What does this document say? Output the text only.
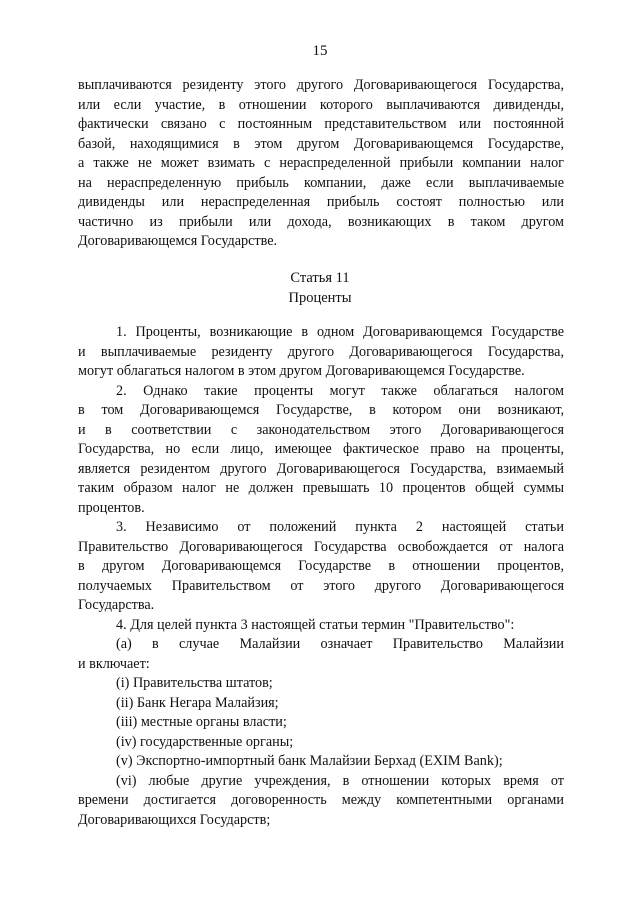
15
выплачиваются резиденту этого другого Договаривающегося Государства,
или если участие, в отношении которого выплачиваются дивиденды,
фактически связано с постоянным представительством или постоянной
базой, находящимися в этом другом Договаривающемся Государстве,
а также не может взимать с нераспределенной прибыли компании налог
на нераспределенную прибыль компании, даже если выплачиваемые
дивиденды или нераспределенная прибыль состоят полностью или
частично из прибыли или дохода, возникающих в таком другом
Договаривающемся Государстве.
Статья 11
Проценты
1. Проценты, возникающие в одном Договаривающемся Государстве
и выплачиваемые резиденту другого Договаривающегося Государства,
могут облагаться налогом в этом другом Договаривающемся Государстве.
2. Однако такие проценты могут также облагаться налогом
в том Договаривающемся Государстве, в котором они возникают,
и в соответствии с законодательством этого Договаривающегося
Государства, но если лицо, имеющее фактическое право на проценты,
является резидентом другого Договаривающегося Государства, взимаемый
таким образом налог не должен превышать 10 процентов общей суммы
процентов.
3. Независимо от положений пункта 2 настоящей статьи
Правительство Договаривающегося Государства освобождается от налога
в другом Договаривающемся Государстве в отношении процентов,
получаемых Правительством от этого другого Договаривающегося
Государства.
4. Для целей пункта 3 настоящей статьи термин "Правительство":
(a) в случае Малайзии означает Правительство Малайзии
и включает:
(i) Правительства штатов;
(ii) Банк Негара Малайзия;
(iii) местные органы власти;
(iv) государственные органы;
(v) Экспортно-импортный банк Малайзии Берхад (EXIM Bank);
(vi) любые другие учреждения, в отношении которых время от
времени достигается договоренность между компетентными органами
Договаривающихся Государств;
